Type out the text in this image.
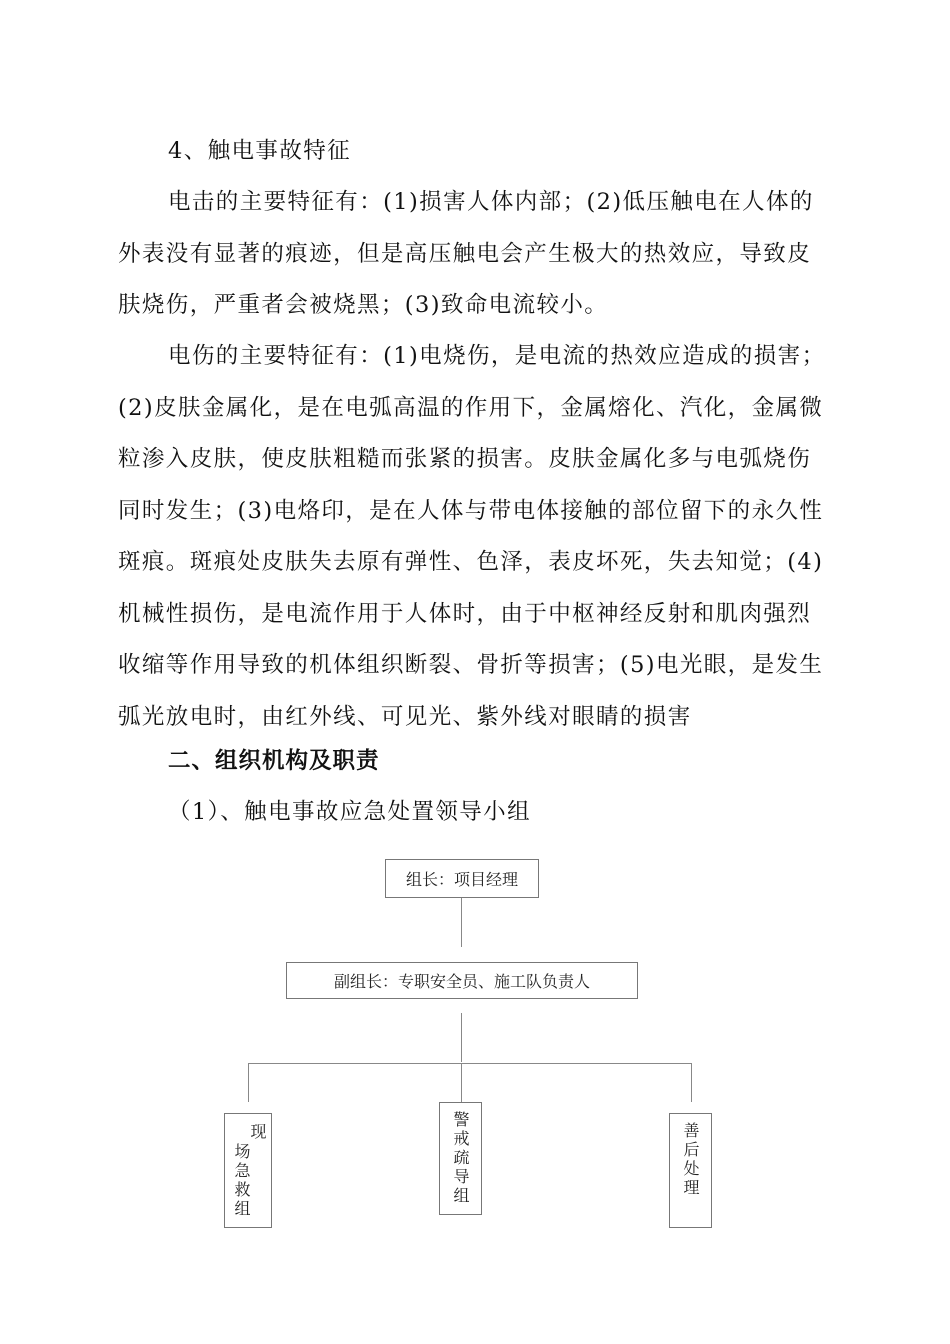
4、触电事故特征
电击的主要特征有：(1)损害人体内部；(2)低压触电在人体的
外表没有显著的痕迹，但是高压触电会产生极大的热效应，导致皮
肤烧伤，严重者会被烧黑；(3)致命电流较小。
电伤的主要特征有：(1)电烧伤，是电流的热效应造成的损害；
(2)皮肤金属化，是在电弧高温的作用下，金属熔化、汽化，金属微
粒渗入皮肤，使皮肤粗糙而张紧的损害。皮肤金属化多与电弧烧伤
同时发生；(3)电烙印，是在人体与带电体接触的部位留下的永久性
斑痕。斑痕处皮肤失去原有弹性、色泽，表皮坏死，失去知觉；(4)
机械性损伤，是电流作用于人体时，由于中枢神经反射和肌肉强烈
收缩等作用导致的机体组织断裂、骨折等损害；(5)电光眼，是发生
弧光放电时，由红外线、可见光、紫外线对眼睛的损害
二、组织机构及职责
（1）、触电事故应急处置领导小组
组长：项目经理
副组长：专职安全员、施工队负责人
现
场急救组	警戒疏导组	善后处理
